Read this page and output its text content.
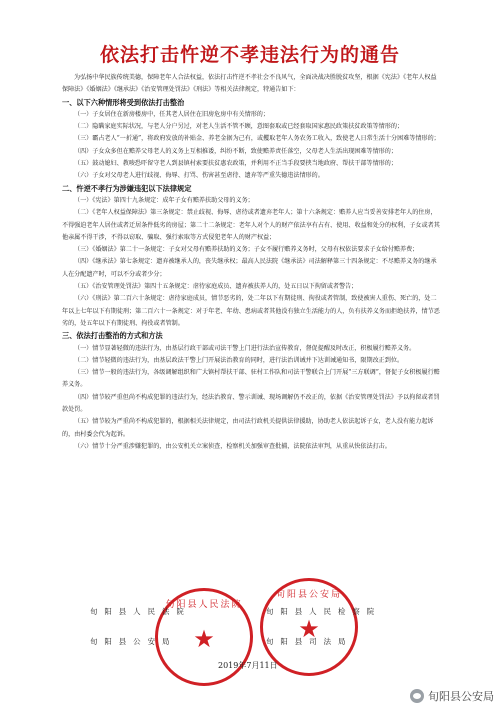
依法打击忤逆不孝违法行为的通告

为弘扬中华民族传统美德，保障老年人合法权益，依法打击忤逆不孝社会不良风气，全面决战决胜脱贫攻坚，根据《宪法》《老年人权益保障法》《婚姻法》《继承法》《治安管理处罚法》《刑法》等相关法律规定，特通告如下：

一、以下六种情形将受到依法打击整治

（一）子女居住在新房楼房中，任其老人居住在旧房危房中有关情形的；

（二）隐瞒家庭实际状况，与老人分户另过，对老人生活不管不顾，意图套取或已经套取国家惠民政策扶贫政策等情形的；

（三）霸占老人“一折通”，将政府发放的补贴金、养老金据为己有，或攫取老年人务农务工收入，致使老人日常生活十分困难等情形的；

（四）子女众多但在赡养父母老人的义务上互相推诿，纠纷不断，致使赡养责任落空，父母老人生活出现困难等情形的；

（五）鼓动媳妇、教唆恐吓留守老人到县镇村索要扶贫惠农政策，并利用不正当手段要挟当地政府、帮扶干部等情形的；

（六）子女对父母老人进行歧视、侮辱、打骂、伤害甚至虐待、遗弃等严重失德违法情形的。

二、忤逆不孝行为涉嫌违犯以下法律规定

（一）《宪法》第四十九条规定：成年子女有赡养扶助父母的义务；

（二）《老年人权益保障法》第三条规定：禁止歧视、侮辱、虐待或者遗弃老年人；第十六条规定：赡养人应当妥善安排老年人的住房，不得强迫老年人居住或者迁居条件低劣的房屋；第二十二条规定：老年人对个人的财产依法享有占有、使用、收益和处分的权利，子女或者其他亲属不得干涉，不得以窃取、骗取、强行索取等方式侵犯老年人的财产权益；

（三）《婚姻法》第二十一条规定：子女对父母有赡养扶助的义务；子女不履行赡养义务时，父母有权依法要求子女给付赡养费；

（四）《继承法》第七条规定：遗弃被继承人的，丧失继承权；最高人民法院《继承法》司法解释第三十四条规定：不尽赡养义务的继承人在分配遗产时，可以不分或者少分；

（五）《治安管理处罚法》第四十五条规定：虐待家庭成员、遗弃被扶养人的，处五日以下拘留或者警告；

（六）《刑法》第二百六十条规定：虐待家庭成员，情节恶劣的，处二年以下有期徒刑、拘役或者管制，致使被害人重伤、死亡的，处二年以上七年以下有期徒刑；第二百六十一条规定：对于年老、年幼、患病或者其他没有独立生活能力的人，负有扶养义务而拒绝扶养，情节恶劣的，处五年以下有期徒刑、拘役或者管制。

三、依法打击整治的方式和方法

（一）情节显著轻微的违法行为，由基层行政干部或司法干警上门进行法治宣传教育，督促提醒及时改正，积极履行赡养义务。

（二）情节轻微的违法行为，由基层政法干警上门开展法治教育的同时，进行法治训诫并下达训诫通知书，限期改正到位。

（三）情节一般的违法行为，各级调解组织和广大镇村帮扶干部、驻村工作队和司法干警联合上门开展“三方联调”，督促子女积极履行赡养义务。

（四）情节较严重但尚不构成犯罪的违法行为，经法治教育、警示训诫、现场调解仍不改正的，依据《治安管理处罚法》予以拘留或者罚款处罚。

（五）情节较为严重尚不构成犯罪的，根据相关法律规定，由司法行政机关提供法律援助，协助老人依法起诉子女，老人没有能力起诉的，由村委会代为起诉。

（六）情节十分严重涉嫌犯罪的，由公安机关立案侦查，检察机关加强审查批捕，法院依法审判，从重从快依法打击。

旬阳县人民法院
★
旬阳县公安局
★
旬阳县人民法院	旬阳县人民检察院
旬阳县公安局	旬阳县司法局
2019年7月11日
旬阳县公安局
